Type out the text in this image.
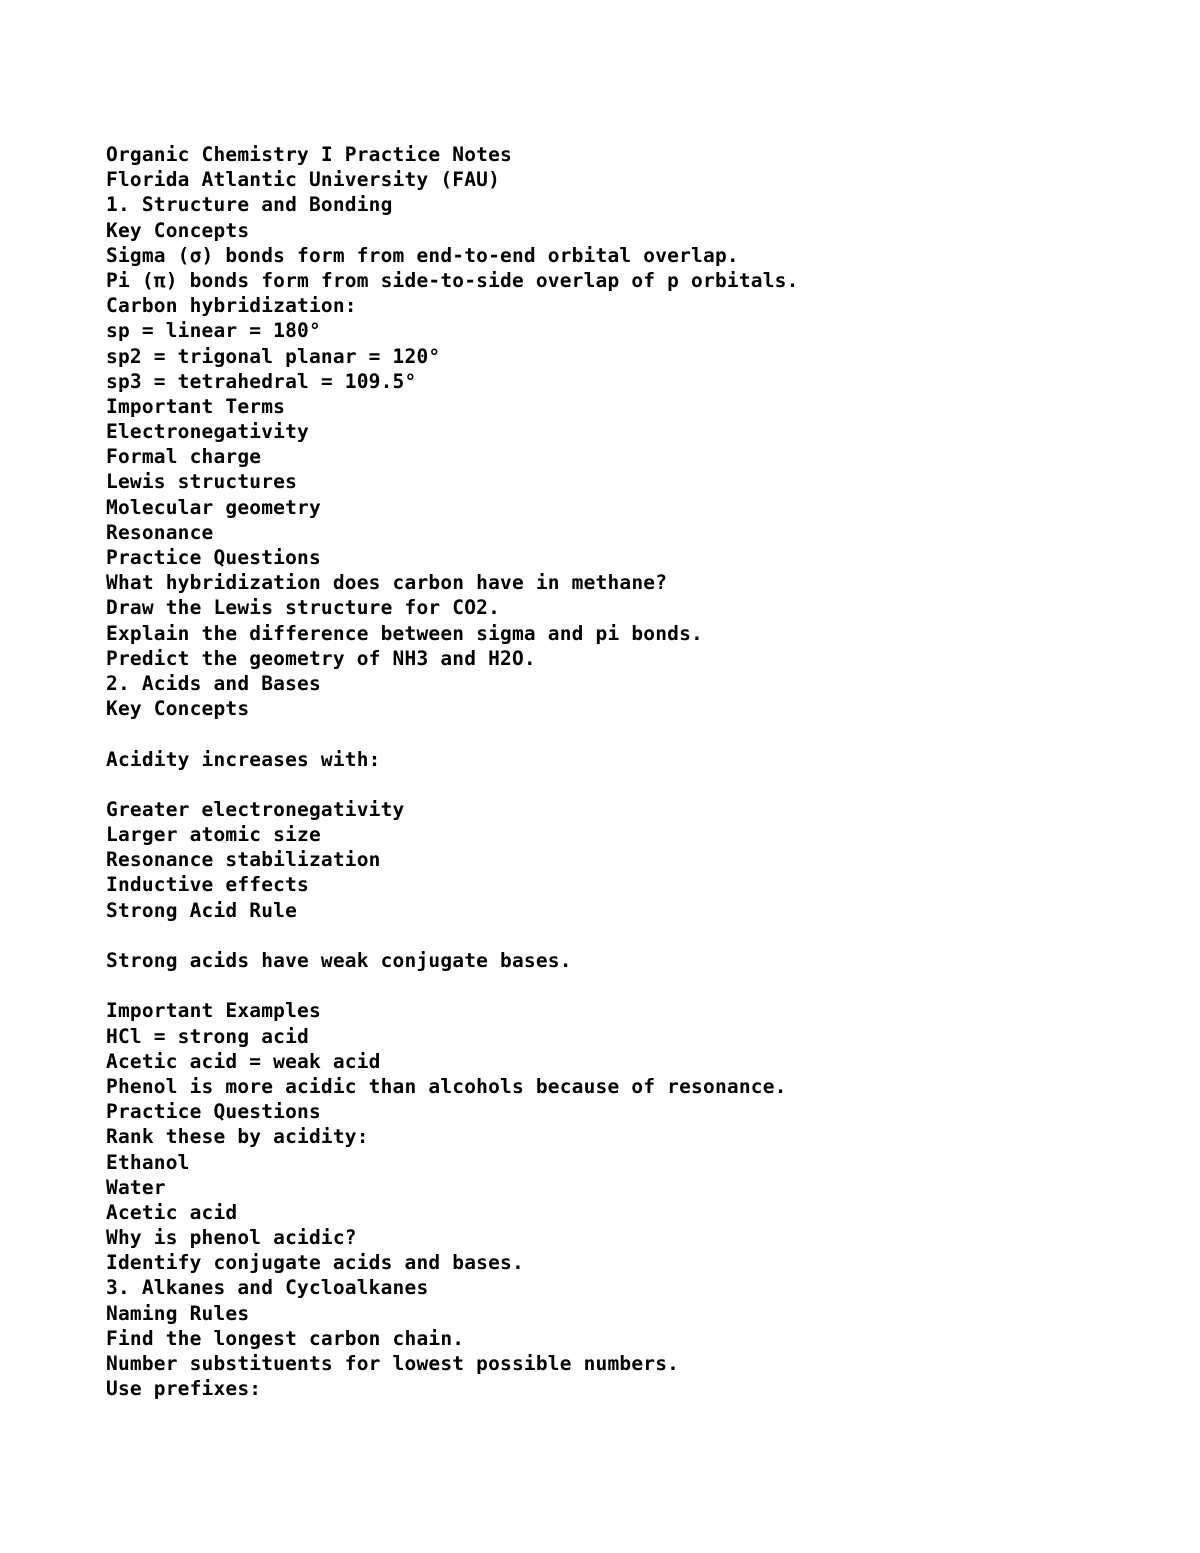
Organic Chemistry I Practice Notes
Florida Atlantic University (FAU)
1. Structure and Bonding
Key Concepts
Sigma (σ) bonds form from end-to-end orbital overlap.
Pi (π) bonds form from side-to-side overlap of p orbitals.
Carbon hybridization:
sp = linear = 180°
sp2 = trigonal planar = 120°
sp3 = tetrahedral = 109.5°
Important Terms
Electronegativity
Formal charge
Lewis structures
Molecular geometry
Resonance
Practice Questions
What hybridization does carbon have in methane?
Draw the Lewis structure for CO2.
Explain the difference between sigma and pi bonds.
Predict the geometry of NH3 and H2O.
2. Acids and Bases
Key Concepts
Acidity increases with:
Greater electronegativity
Larger atomic size
Resonance stabilization
Inductive effects
Strong Acid Rule
Strong acids have weak conjugate bases.
Important Examples
HCl = strong acid
Acetic acid = weak acid
Phenol is more acidic than alcohols because of resonance.
Practice Questions
Rank these by acidity:
Ethanol
Water
Acetic acid
Why is phenol acidic?
Identify conjugate acids and bases.
3. Alkanes and Cycloalkanes
Naming Rules
Find the longest carbon chain.
Number substituents for lowest possible numbers.
Use prefixes:
